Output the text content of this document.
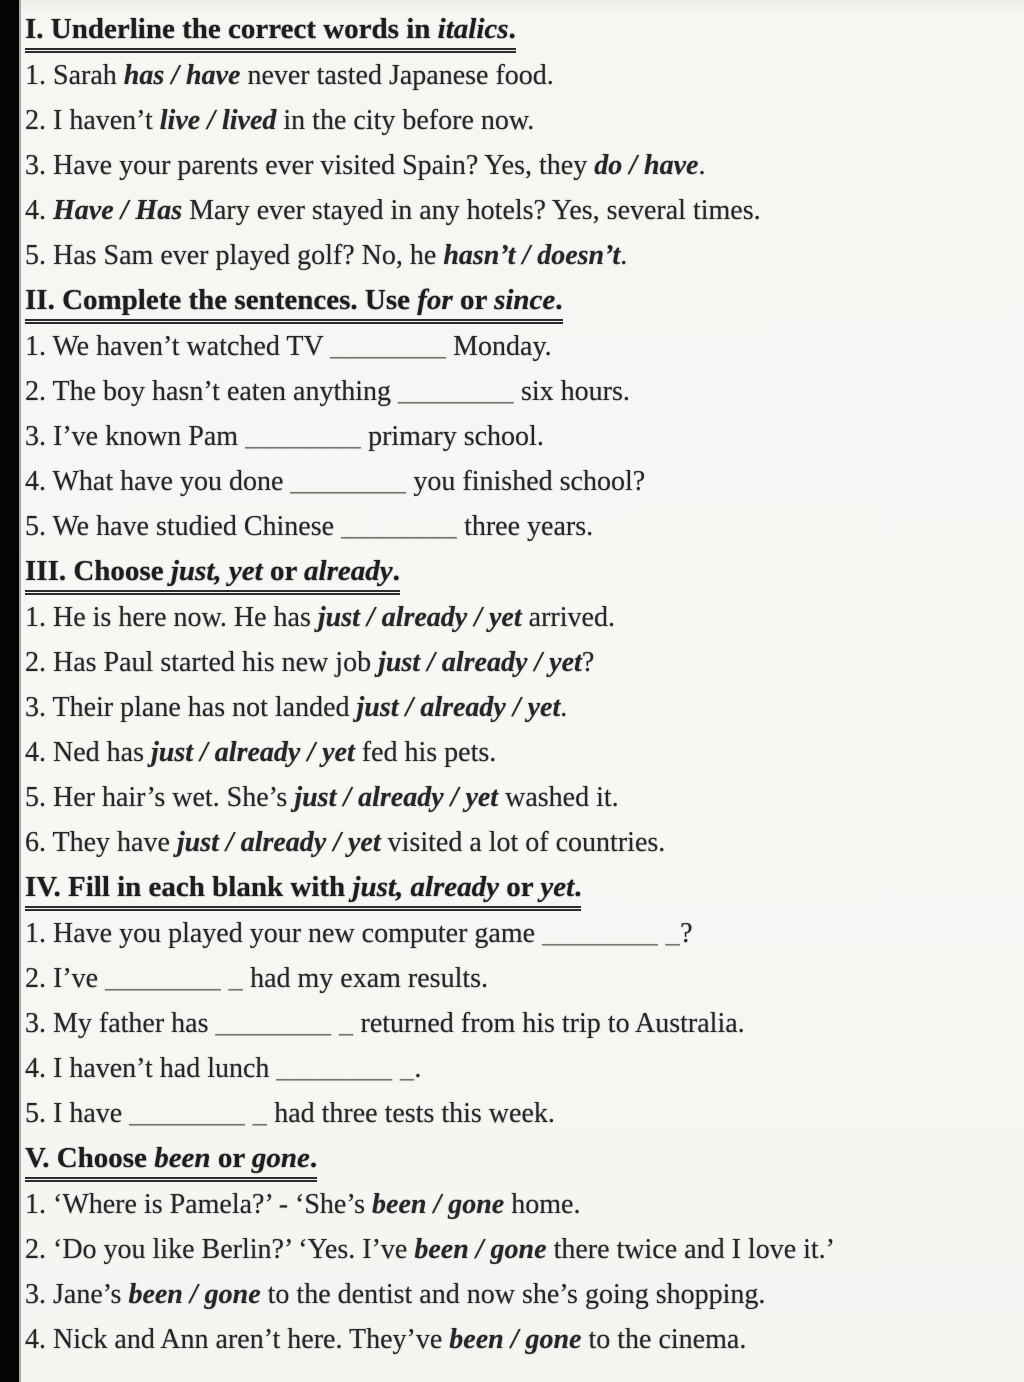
I. Underline the correct words in italics.
1. Sarah has / have never tasted Japanese food.
2. I haven’t live / lived in the city before now.
3. Have your parents ever visited Spain? Yes, they do / have.
4. Have / Has Mary ever stayed in any hotels? Yes, several times.
5. Has Sam ever played golf? No, he hasn’t / doesn’t.
II. Complete the sentences. Use for or since.
1. We haven’t watched TV ________ Monday.
2. The boy hasn’t eaten anything ________ six hours.
3. I’ve known Pam ________ primary school.
4. What have you done ________ you finished school?
5. We have studied Chinese ________ three years.
III. Choose just, yet or already.
1. He is here now. He has just / already / yet arrived.
2. Has Paul started his new job just / already / yet?
3. Their plane has not landed just / already / yet.
4. Ned has just / already / yet fed his pets.
5. Her hair’s wet. She’s just / already / yet washed it.
6. They have just / already / yet visited a lot of countries.
IV. Fill in each blank with just, already or yet.
1. Have you played your new computer game ________ _?
2. I’ve ________ _ had my exam results.
3. My father has ________ _ returned from his trip to Australia.
4. I haven’t had lunch ________ _.
5. I have ________ _ had three tests this week.
V. Choose been or gone.
1. ‘Where is Pamela?’ - ‘She’s been / gone home.
2. ‘Do you like Berlin?’ ‘Yes. I’ve been / gone there twice and I love it.’
3. Jane’s been / gone to the dentist and now she’s going shopping.
4. Nick and Ann aren’t here. They’ve been / gone to the cinema.
